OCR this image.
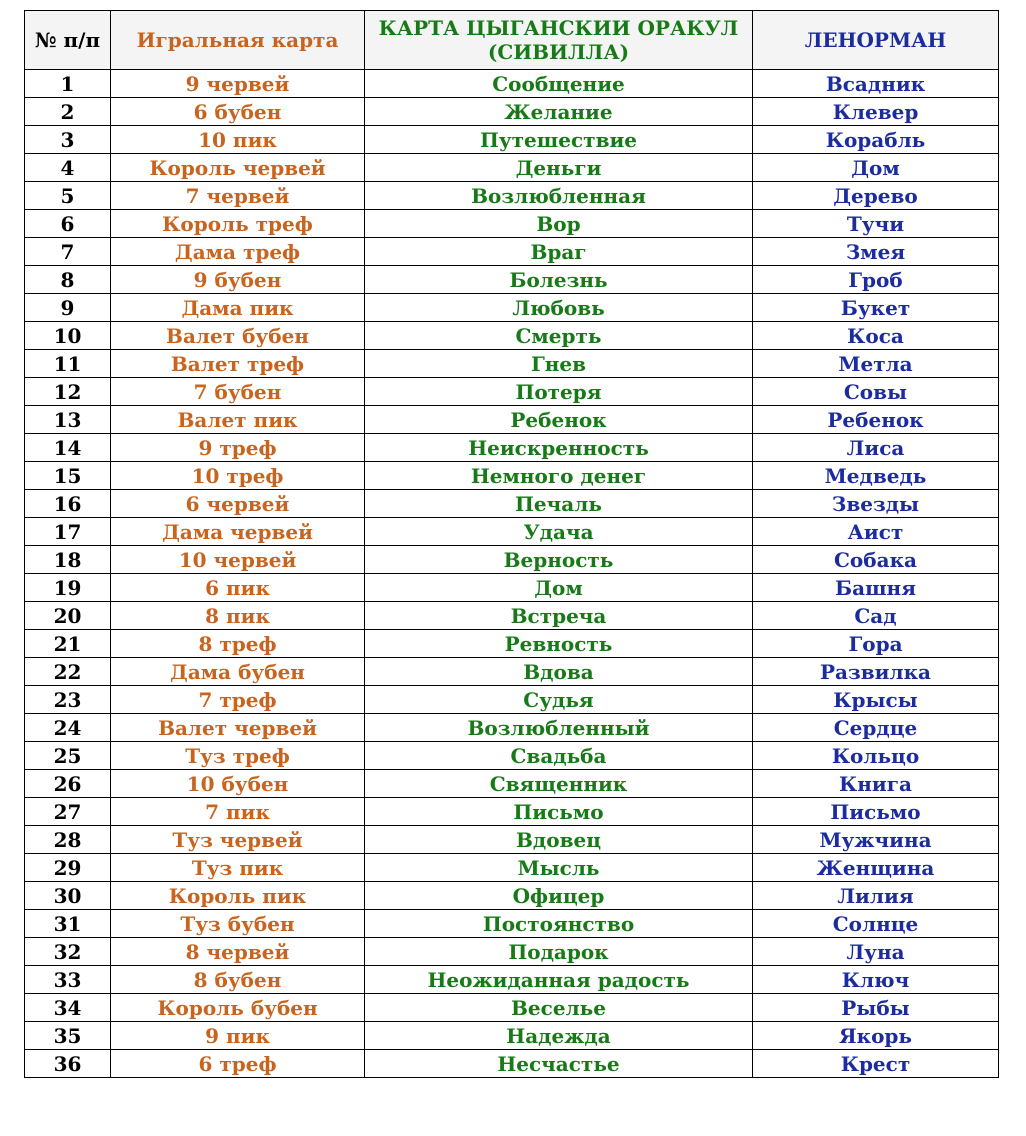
№ п/п	Игральная карта	КАРТА ЦЫГАНСКИИ ОРАКУЛ (СИВИЛЛА)	ЛЕНОРМАН
1	9 червей	Сообщение	Всадник
2	6 бубен	Желание	Клевер
3	10 пик	Путешествие	Корабль
4	Король червей	Деньги	Дом
5	7 червей	Возлюбленная	Дерево
6	Король треф	Вор	Тучи
7	Дама треф	Враг	Змея
8	9 бубен	Болезнь	Гроб
9	Дама пик	Любовь	Букет
10	Валет бубен	Смерть	Коса
11	Валет треф	Гнев	Метла
12	7 бубен	Потеря	Совы
13	Валет пик	Ребенок	Ребенок
14	9 треф	Неискренность	Лиса
15	10 треф	Немного денег	Медведь
16	6 червей	Печаль	Звезды
17	Дама червей	Удача	Аист
18	10 червей	Верность	Собака
19	6 пик	Дом	Башня
20	8 пик	Встреча	Сад
21	8 треф	Ревность	Гора
22	Дама бубен	Вдова	Развилка
23	7 треф	Судья	Крысы
24	Валет червей	Возлюбленный	Сердце
25	Туз треф	Свадьба	Кольцо
26	10 бубен	Священник	Книга
27	7 пик	Письмо	Письмо
28	Туз червей	Вдовец	Мужчина
29	Туз пик	Мысль	Женщина
30	Король пик	Офицер	Лилия
31	Туз бубен	Постоянство	Солнце
32	8 червей	Подарок	Луна
33	8 бубен	Неожиданная радость	Ключ
34	Король бубен	Веселье	Рыбы
35	9 пик	Надежда	Якорь
36	6 треф	Несчастье	Крест
